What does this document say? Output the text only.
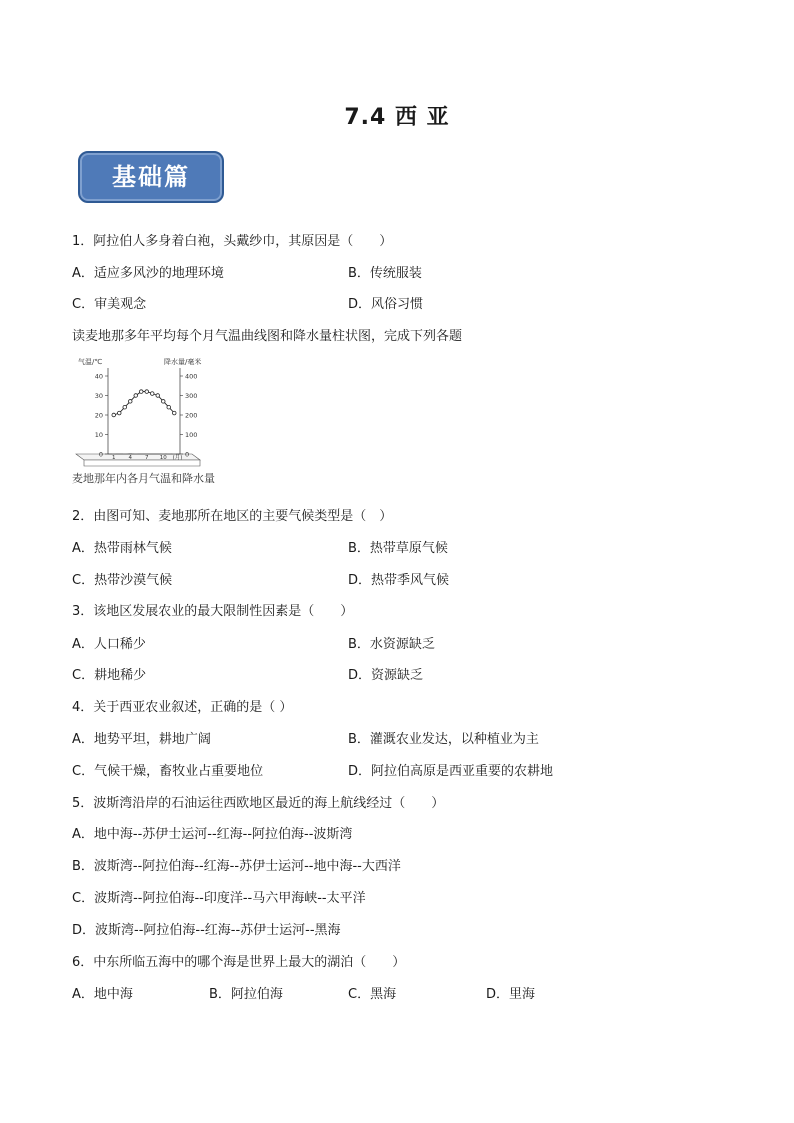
7.4 西 亚
基础篇
1．阿拉伯人多身着白袍，头戴纱巾，其原因是（　　）
A．适应多风沙的地理环境	B．传统服装
C．审美观念	D．风俗习惯
读麦地那多年平均每个月气温曲线图和降水量柱状图，完成下列各题
气温/℃	降水量/毫米
40
30
20
10
0
400
300
200
100
0
1 4 7 10 (月)
麦地那年内各月气温和降水量
2．由图可知、麦地那所在地区的主要气候类型是（　）
A．热带雨林气候	B．热带草原气候
C．热带沙漠气候	D．热带季风气候
3．该地区发展农业的最大限制性因素是（　　）
A．人口稀少	B．水资源缺乏
C．耕地稀少	D．资源缺乏
4．关于西亚农业叙述，正确的是（ ）
A．地势平坦，耕地广阔	B．灌溉农业发达，以种植业为主
C．气候干燥，畜牧业占重要地位	D．阿拉伯高原是西亚重要的农耕地
5．波斯湾沿岸的石油运往西欧地区最近的海上航线经过（　　）
A．地中海--苏伊士运河--红海--阿拉伯海--波斯湾
B．波斯湾--阿拉伯海--红海--苏伊士运河--地中海--大西洋
C．波斯湾--阿拉伯海--印度洋--马六甲海峡--太平洋
D．波斯湾--阿拉伯海--红海--苏伊士运河--黑海
6．中东所临五海中的哪个海是世界上最大的湖泊（　　）
A．地中海	B．阿拉伯海	C．黑海	D．里海
